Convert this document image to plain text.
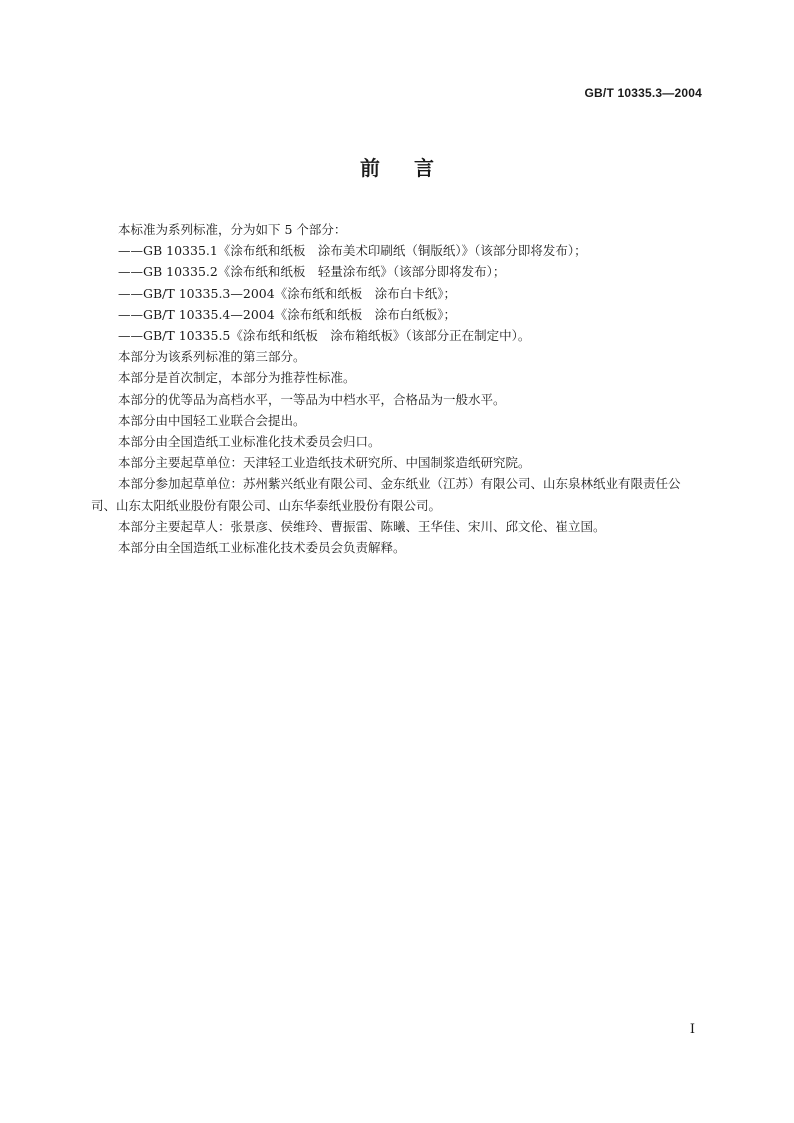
GB/T 10335.3—2004
前言

本标准为系列标准，分为如下 5 个部分：

——GB 10335.1《涂布纸和纸板　涂布美术印刷纸（铜版纸）》（该部分即将发布）；

——GB 10335.2《涂布纸和纸板　轻量涂布纸》（该部分即将发布）；

——GB/T 10335.3—2004《涂布纸和纸板　涂布白卡纸》；

——GB/T 10335.4—2004《涂布纸和纸板　涂布白纸板》；

——GB/T 10335.5《涂布纸和纸板　涂布箱纸板》（该部分正在制定中）。

本部分为该系列标准的第三部分。

本部分是首次制定，本部分为推荐性标准。

本部分的优等品为高档水平，一等品为中档水平，合格品为一般水平。

本部分由中国轻工业联合会提出。

本部分由全国造纸工业标准化技术委员会归口。

本部分主要起草单位：天津轻工业造纸技术研究所、中国制浆造纸研究院。

本部分参加起草单位：苏州紫兴纸业有限公司、金东纸业（江苏）有限公司、山东泉林纸业有限责任公司、山东太阳纸业股份有限公司、山东华泰纸业股份有限公司。

本部分主要起草人：张景彦、侯维玲、曹振雷、陈曦、王华佳、宋川、邱文伦、崔立国。

本部分由全国造纸工业标准化技术委员会负责解释。

I
